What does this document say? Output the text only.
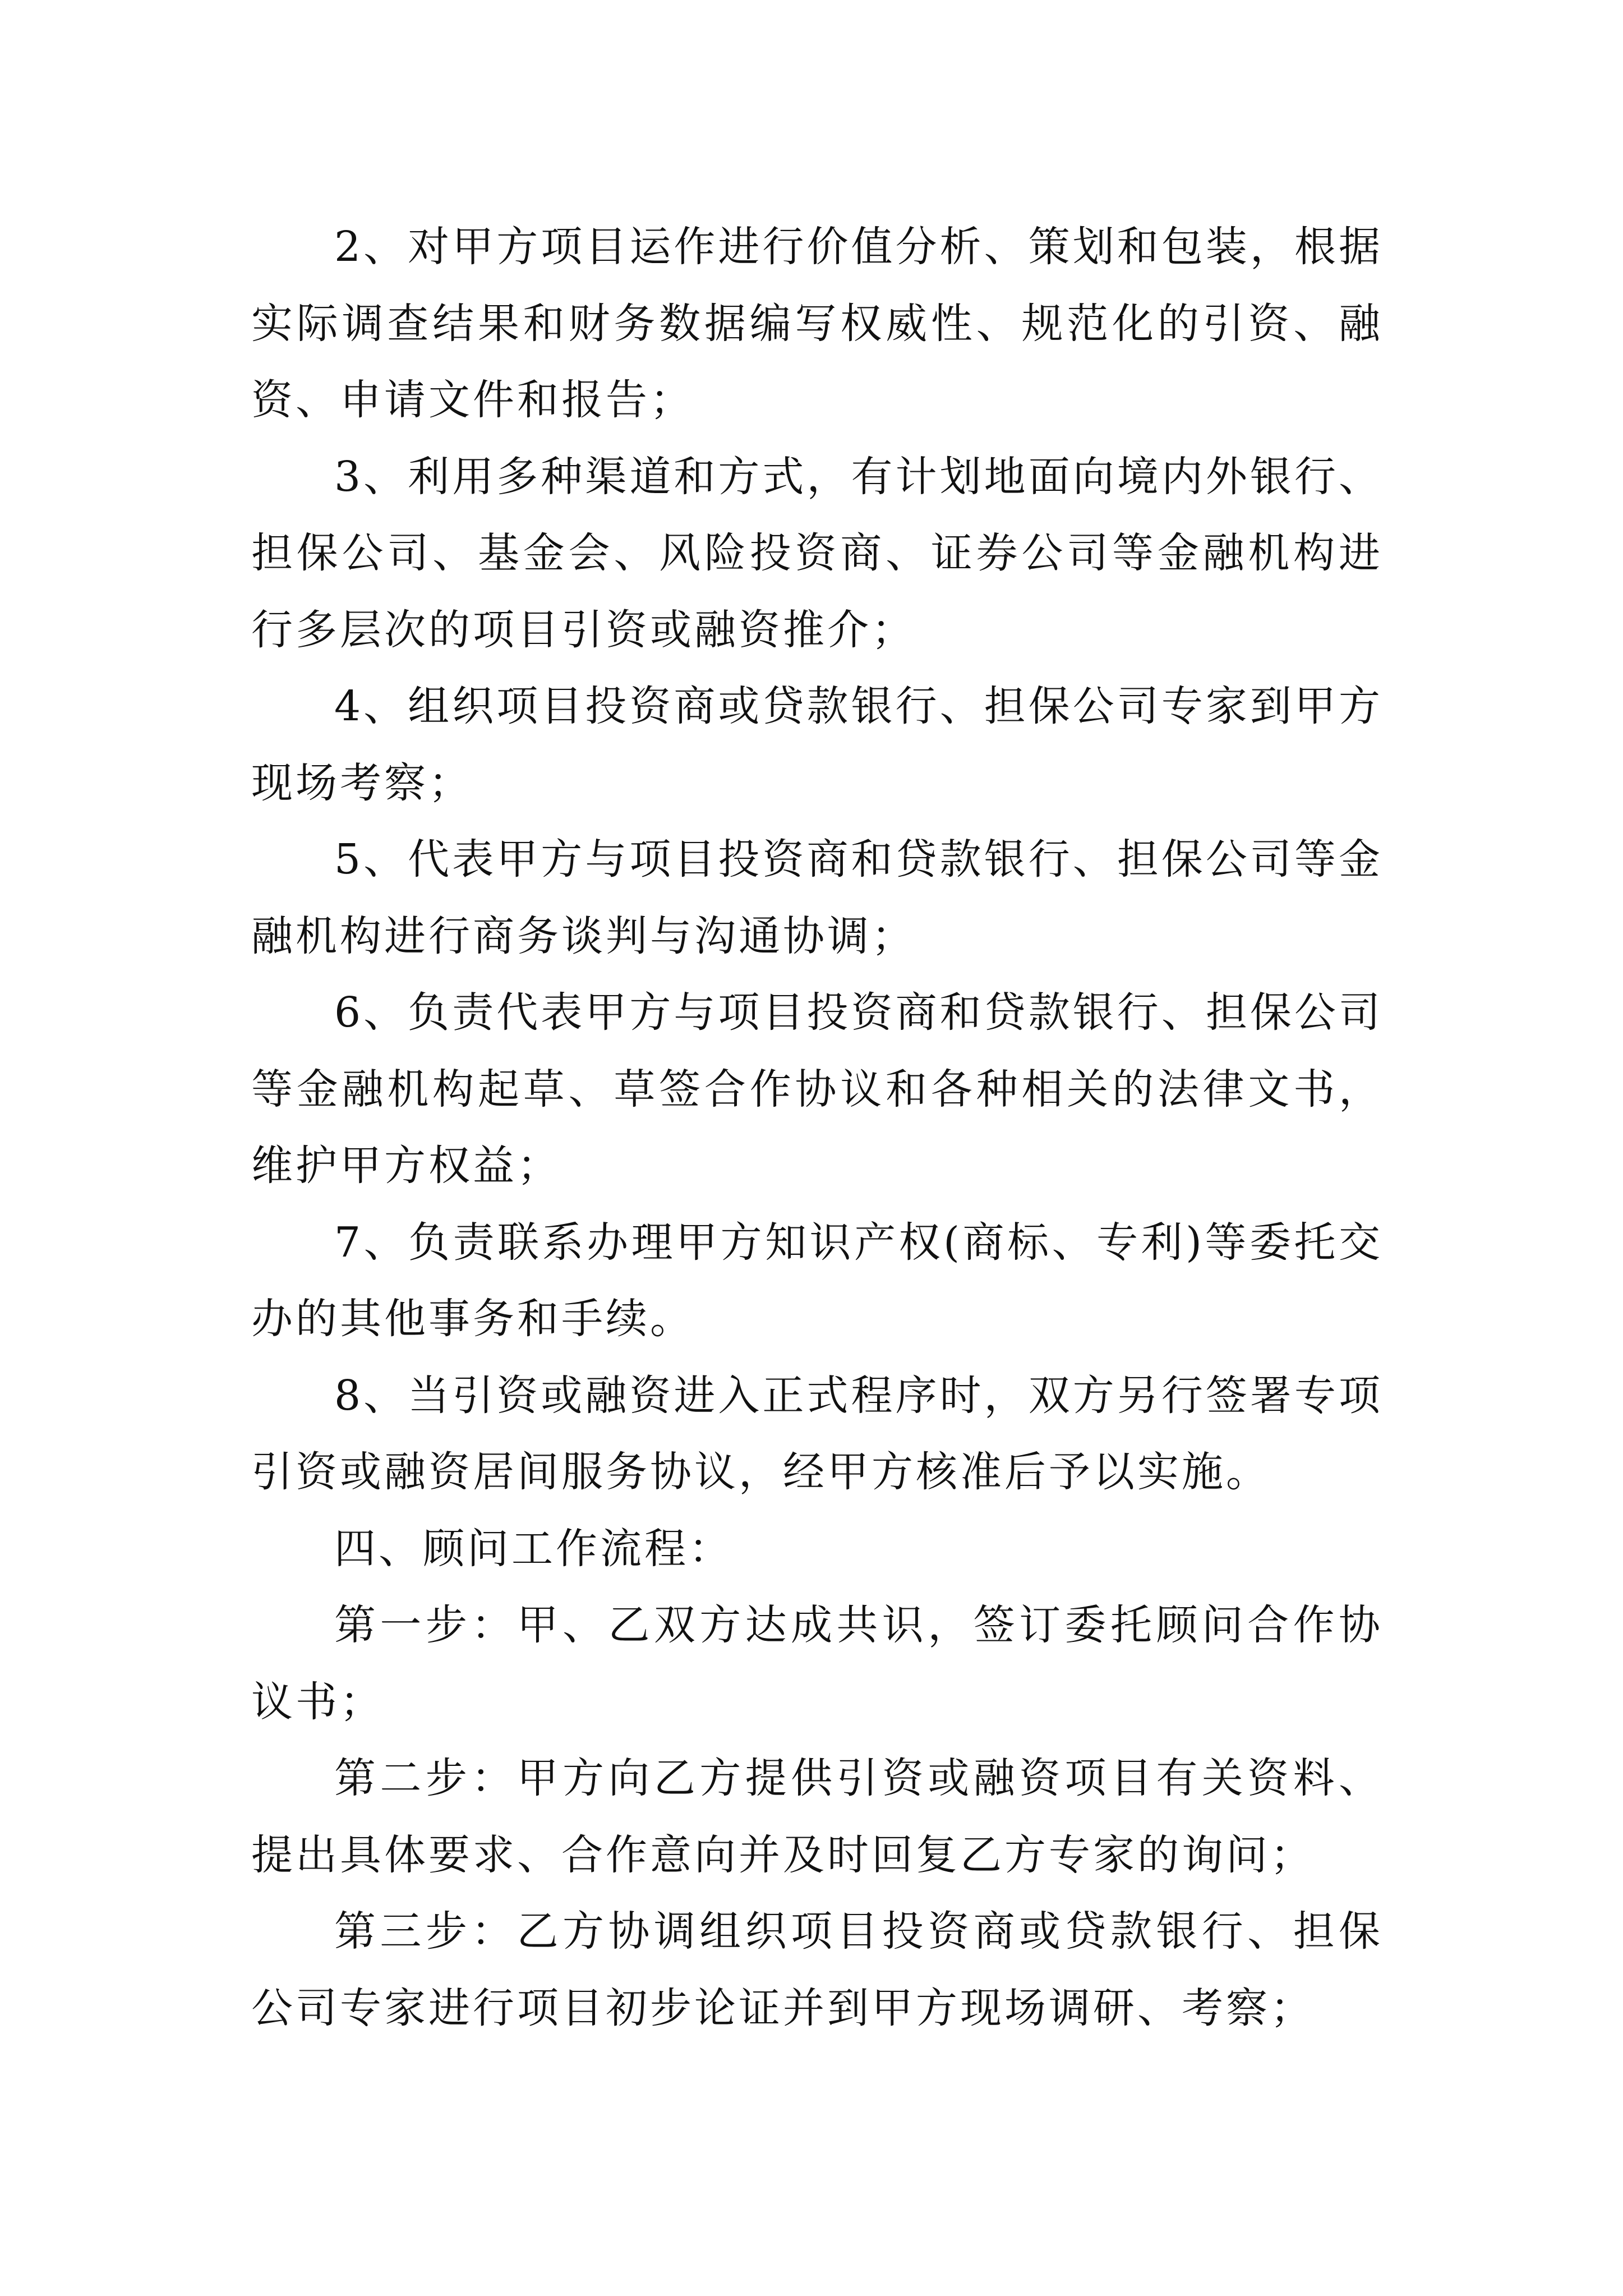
2、对甲方项目运作进行价值分析、策划和包装，根据实际调查结果和财务数据编写权威性、规范化的引资、融资、申请文件和报告；

3、利用多种渠道和方式，有计划地面向境内外银行、担保公司、基金会、风险投资商、证券公司等金融机构进行多层次的项目引资或融资推介；

4、组织项目投资商或贷款银行、担保公司专家到甲方现场考察；

5、代表甲方与项目投资商和贷款银行、担保公司等金融机构进行商务谈判与沟通协调；

6、负责代表甲方与项目投资商和贷款银行、担保公司等金融机构起草、草签合作协议和各种相关的法律文书，维护甲方权益；

7、负责联系办理甲方知识产权(商标、专利)等委托交办的其他事务和手续。

8、当引资或融资进入正式程序时，双方另行签署专项引资或融资居间服务协议，经甲方核准后予以实施。

四、顾问工作流程：

第一步：甲、乙双方达成共识，签订委托顾问合作协议书；

第二步：甲方向乙方提供引资或融资项目有关资料、提出具体要求、合作意向并及时回复乙方专家的询问；

第三步：乙方协调组织项目投资商或贷款银行、担保公司专家进行项目初步论证并到甲方现场调研、考察；
